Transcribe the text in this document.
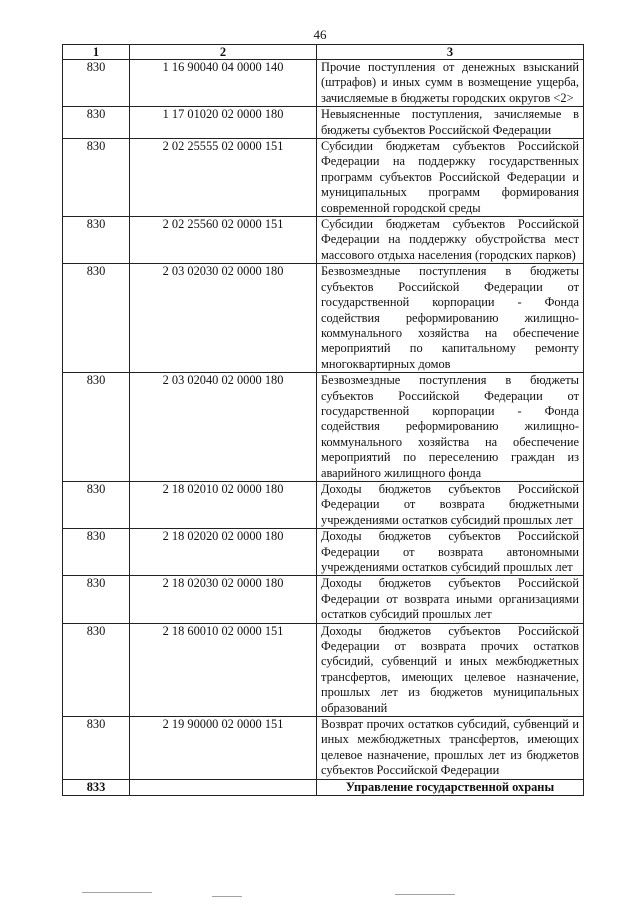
46
1	2	3
830	1 16 90040 04 0000 140	Прочие поступления от денежных взысканий (штрафов) и иных сумм в возмещение ущерба, зачисляемые в бюджеты городских округов <2>
830	1 17 01020 02 0000 180	Невыясненные поступления, зачисляемые в бюджеты субъектов Российской Федерации
830	2 02 25555 02 0000 151	Субсидии бюджетам субъектов Российской Федерации на поддержку государственных программ субъектов Российской Федерации и муниципальных программ формирования современной городской среды
830	2 02 25560 02 0000 151	Субсидии бюджетам субъектов Российской Федерации на поддержку обустройства мест массового отдыха населения (городских парков)
830	2 03 02030 02 0000 180	Безвозмездные поступления в бюджеты субъектов Российской Федерации от государственной корпорации - Фонда содействия реформированию жилищно-коммунального хозяйства на обеспечение мероприятий по капитальному ремонту многоквартирных домов
830	2 03 02040 02 0000 180	Безвозмездные поступления в бюджеты субъектов Российской Федерации от государственной корпорации - Фонда содействия реформированию жилищно-коммунального хозяйства на обеспечение мероприятий по переселению граждан из аварийного жилищного фонда
830	2 18 02010 02 0000 180	Доходы бюджетов субъектов Российской Федерации от возврата бюджетными учреждениями остатков субсидий прошлых лет
830	2 18 02020 02 0000 180	Доходы бюджетов субъектов Российской Федерации от возврата автономными учреждениями остатков субсидий прошлых лет
830	2 18 02030 02 0000 180	Доходы бюджетов субъектов Российской Федерации от возврата иными организациями остатков субсидий прошлых лет
830	2 18 60010 02 0000 151	Доходы бюджетов субъектов Российской Федерации от возврата прочих остатков субсидий, субвенций и иных межбюджетных трансфертов, имеющих целевое назначение, прошлых лет из бюджетов муниципальных образований
830	2 19 90000 02 0000 151	Возврат прочих остатков субсидий, субвенций и иных межбюджетных трансфертов, имеющих целевое назначение, прошлых лет из бюджетов субъектов Российской Федерации
833		Управление государственной охраны
